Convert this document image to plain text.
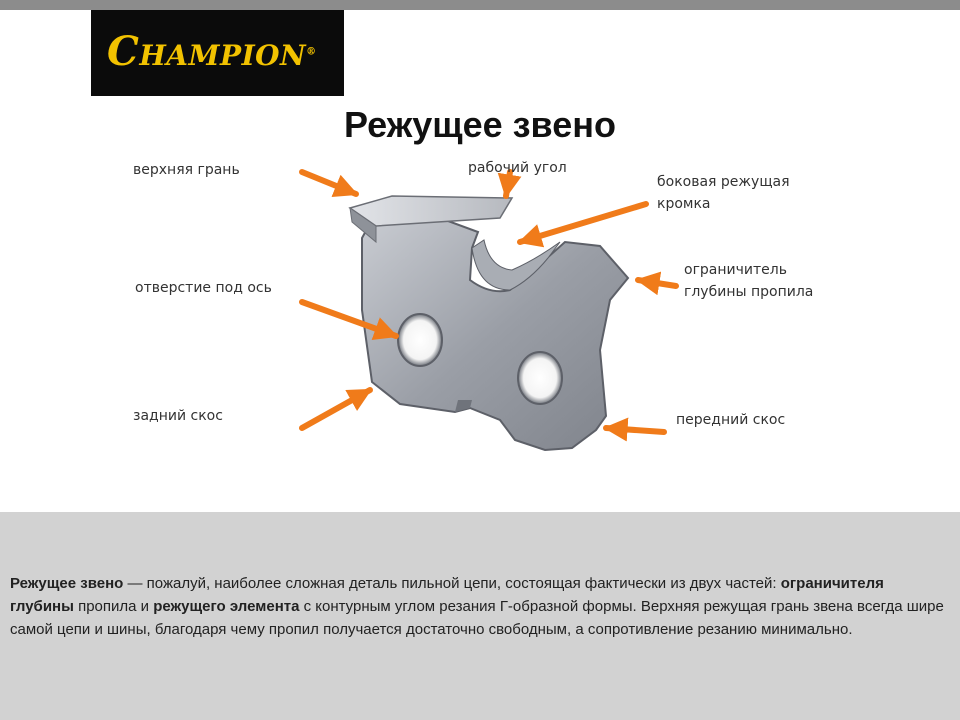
CHAMPION®
Режущее звено
верхняя грань	рабочий угол
боковая режущая
кромка
ограничитель
глубины пропила
отверстие под ось
задний скос	передний скос
Режущее звено — пожалуй, наиболее сложная деталь пильной цепи, состоящая фактически из двух частей: ограничителя глубины пропила и режущего элемента с контурным углом резания Г-образной формы. Верхняя режущая грань звена всегда шире самой цепи и шины, благодаря чему пропил получается достаточно свободным, а сопротивление резанию минимально.
